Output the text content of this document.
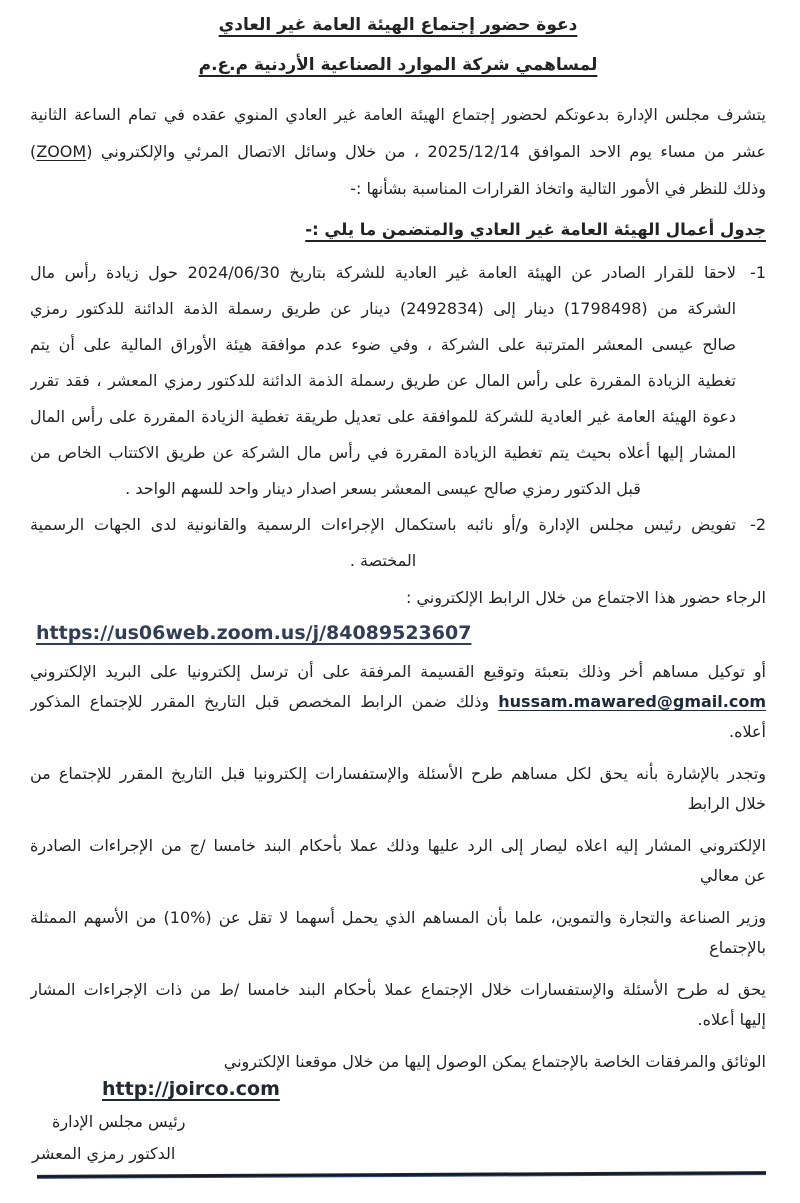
دعوة حضور إجتماع الهيئة العامة غير العادي
لمساهمي شركة الموارد الصناعية الأردنية م.ع.م
يتشرف مجلس الإدارة بدعوتكم لحضور إجتماع الهيئة العامة غير العادي المنوي عقده في تمام الساعة الثانية
عشر من مساء يوم الاحد الموافق 2025/12/14 ، من خلال وسائل الاتصال المرئي والإلكتروني (ZOOM)
وذلك للنظر في الأمور التالية واتخاذ القرارات المناسبة بشأنها :-
جدول أعمال الهيئة العامة غير العادي والمتضمن ما يلي :-
1-
لاحقا للقرار الصادر عن الهيئة العامة غير العادية للشركة بتاريخ 2024/06/30 حول زيادة رأس مال
الشركة من (1798498) دينار إلى (2492834) دينار عن طريق رسملة الذمة الدائنة للدكتور رمزي
صالح عيسى المعشر المترتبة على الشركة ، وفي ضوء عدم موافقة هيئة الأوراق المالية على أن يتم
تغطية الزيادة المقررة على رأس المال عن طريق رسملة الذمة الدائنة للدكتور رمزي المعشر ، فقد تقرر
دعوة الهيئة العامة غير العادية للشركة للموافقة على تعديل طريقة تغطية الزيادة المقررة على رأس المال
المشار إليها أعلاه بحيث يتم تغطية الزيادة المقررة في رأس مال الشركة عن طريق الاكتتاب الخاص من
قبل الدكتور رمزي صالح عيسى المعشر بسعر اصدار دينار واحد للسهم الواحد .
2-
تفويض رئيس مجلس الإدارة و/أو نائبه باستكمال الإجراءات الرسمية والقانونية لدى الجهات الرسمية
المختصة .
الرجاء حضور هذا الاجتماع من خلال الرابط الإلكتروني :
https://us06web.zoom.us/j/84089523607
أو توكيل مساهم أخر وذلك بتعبئة وتوقيع القسيمة المرفقة على أن ترسل إلكترونيا على البريد الإلكتروني
hussam.mawared@gmail.com وذلك ضمن الرابط المخصص قبل التاريخ المقرر للإجتماع المذكور
أعلاه.
وتجدر بالإشارة بأنه يحق لكل مساهم طرح الأسئلة والإستفسارات إلكترونيا قبل التاريخ المقرر للإجتماع من
خلال الرابط
الإلكتروني المشار إليه اعلاه ليصار إلى الرد عليها وذلك عملا بأحكام البند خامسا /ج من الإجراءات الصادرة
عن معالي
وزير الصناعة والتجارة والتموين، علما بأن المساهم الذي يحمل أسهما لا تقل عن (%10) من الأسهم الممثلة
بالإجتماع
يحق له طرح الأسئلة والإستفسارات خلال الإجتماع عملا بأحكام البند خامسا /ط من ذات الإجراءات المشار
إليها أعلاه.
الوثائق والمرفقات الخاصة بالإجتماع يمكن الوصول إليها من خلال موقعنا الإلكتروني
http://joirco.com
رئيس مجلس الإدارة
الدكتور رمزي المعشر
